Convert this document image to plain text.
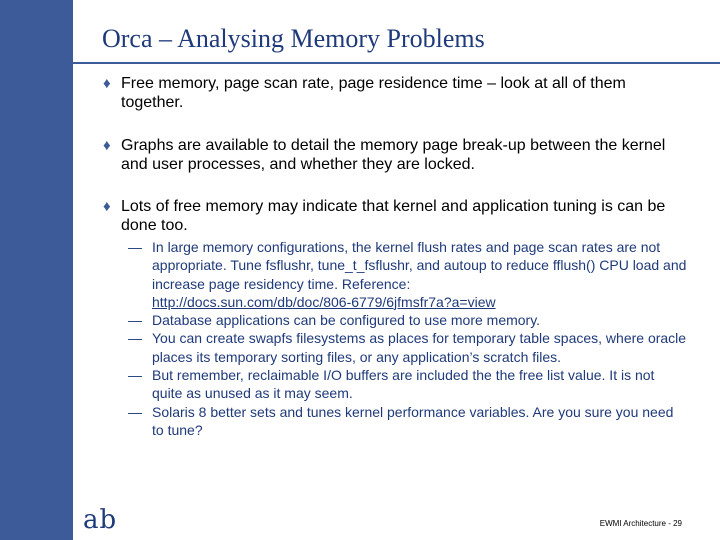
Orca – Analysing Memory Problems
♦ Free memory, page scan rate, page residence time – look at all of them together.
♦ Graphs are available to detail the memory page break-up between the kernel and user processes, and whether they are locked.
♦ Lots of free memory may indicate that kernel and application tuning is can be done too.
— In large memory configurations, the kernel flush rates and page scan rates are not appropriate. Tune fsflushr, tune_t_fsflushr, and autoup to reduce fflush() CPU load and increase page residency time. Reference:
http://docs.sun.com/db/doc/806-6779/6jfmsfr7a?a=view
— Database applications can be configured to use more memory.
— You can create swapfs filesystems as places for temporary table spaces, where oracle places its temporary sorting files, or any application’s scratch files.
— But remember, reclaimable I/O buffers are included the the free list value. It is not quite as unused as it may seem.
— Solaris 8 better sets and tunes kernel performance variables. Are you sure you need to tune?
ab	EWMI Architecture - 29
